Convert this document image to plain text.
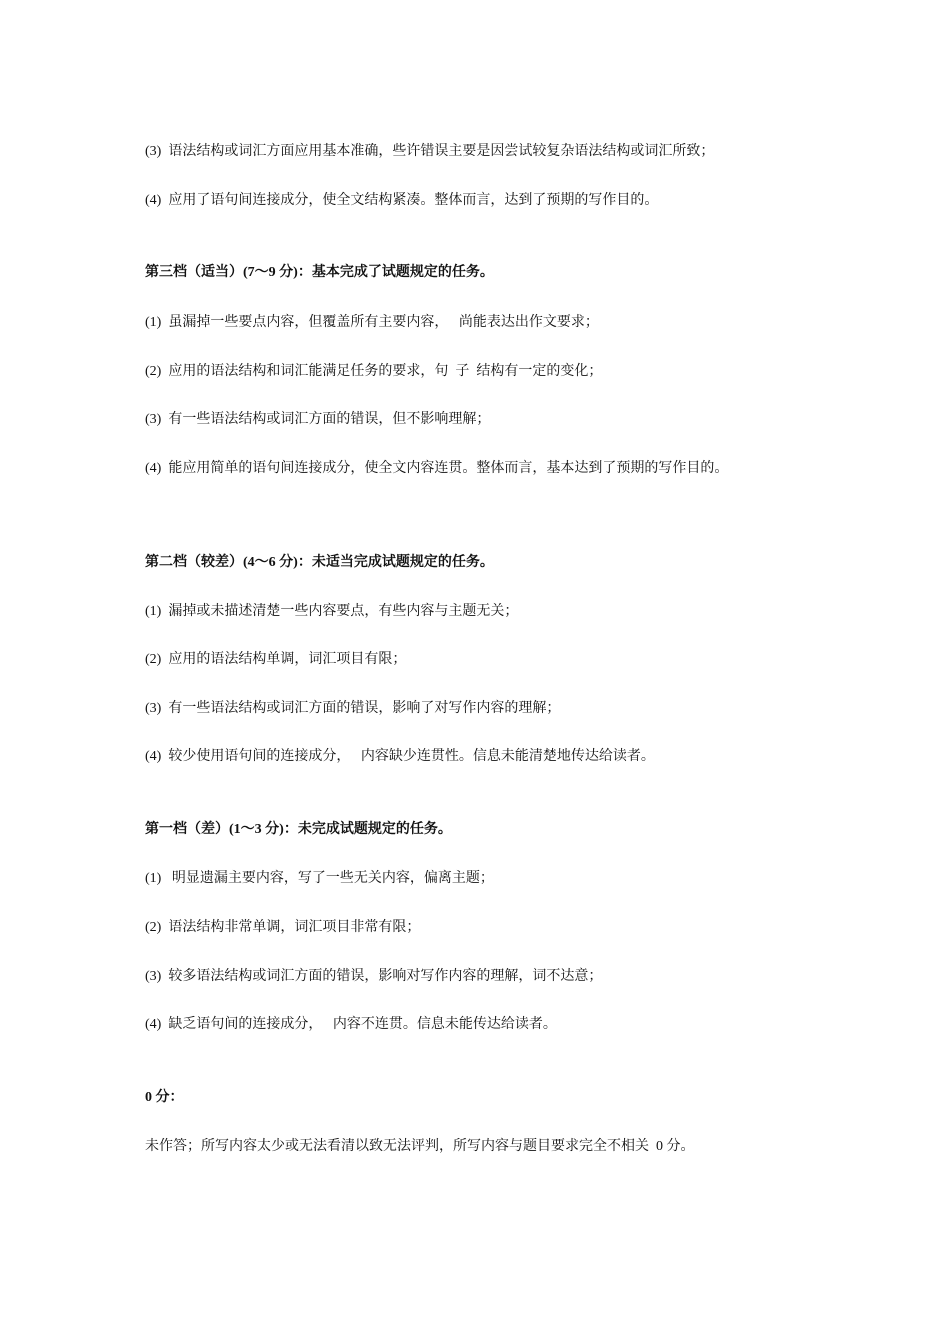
(3)  语法结构或词汇方面应用基本准确，些许错误主要是因尝试较复杂语法结构或词汇所致；
(4)  应用了语句间连接成分，使全文结构紧凑。整体而言，达到了预期的写作目的。
第三档（适当）(7～9 分)：基本完成了试题规定的任务。
(1)  虽漏掉一些要点内容，但覆盖所有主要内容，   尚能表达出作文要求；
(2)  应用的语法结构和词汇能满足任务的要求，句  子  结构有一定的变化；
(3)  有一些语法结构或词汇方面的错误，但不影响理解；
(4)  能应用简单的语句间连接成分，使全文内容连贯。整体而言，基本达到了预期的写作目的。
第二档（较差）(4～6 分)：未适当完成试题规定的任务。
(1)  漏掉或未描述清楚一些内容要点，有些内容与主题无关；
(2)  应用的语法结构单调，词汇项目有限；
(3)  有一些语法结构或词汇方面的错误，影响了对写作内容的理解；
(4)  较少使用语句间的连接成分，   内容缺少连贯性。信息未能清楚地传达给读者。
第一档（差）(1～3 分)：未完成试题规定的任务。
(1)   明显遗漏主要内容，写了一些无关内容，偏离主题；
(2)  语法结构非常单调，词汇项目非常有限；
(3)  较多语法结构或词汇方面的错误，影响对写作内容的理解，词不达意；
(4)  缺乏语句间的连接成分，   内容不连贯。信息未能传达给读者。
0 分：
未作答；所写内容太少或无法看清以致无法评判，所写内容与题目要求完全不相关  0 分。
